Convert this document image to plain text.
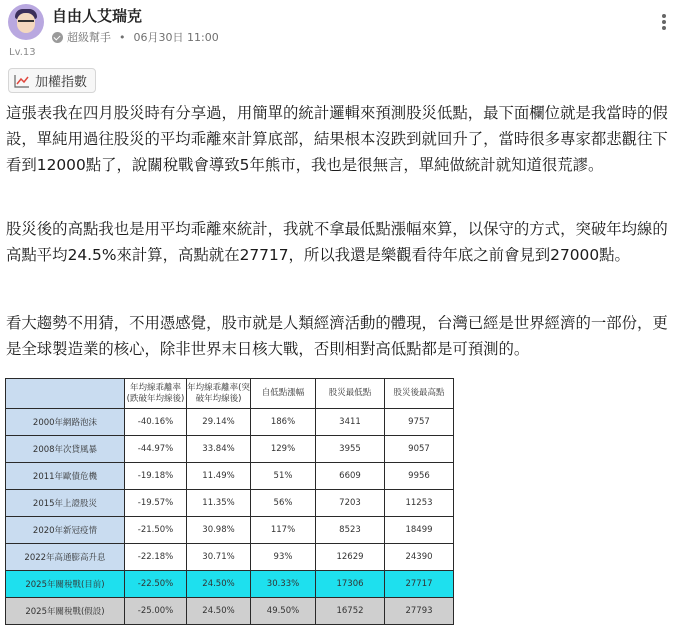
Lv.13
自由人艾瑞克
超級幫手 • 06月30日 11:00
加權指數

這張表我在四月股災時有分享過，用簡單的統計邏輯來預測股災低點，最下面欄位就是我當時的假設，單純用過往股災的平均乖離來計算底部，結果根本沒跌到就回升了，當時很多專家都悲觀往下看到12000點了，說關稅戰會導致5年熊市，我也是很無言，單純做統計就知道很荒謬。

股災後的高點我也是用平均乖離來統計，我就不拿最低點漲幅來算，以保守的方式，突破年均線的高點平均24.5%來計算，高點就在27717，所以我還是樂觀看待年底之前會見到27000點。

看大趨勢不用猜，不用憑感覺，股市就是人類經濟活動的體現，台灣已經是世界經濟的一部份，更是全球製造業的核心，除非世界末日核大戰，否則相對高低點都是可預測的。

	年均線乖離率(跌破年均線後)	年均線乖離率(突破年均線後)	自低點漲幅	股災最低點	股災後最高點
2000年網路泡沫	-40.16%	29.14%	186%	3411	9757
2008年次貸風暴	-44.97%	33.84%	129%	3955	9057
2011年歐債危機	-19.18%	11.49%	51%	6609	9956
2015年上證股災	-19.57%	11.35%	56%	7203	11253
2020年新冠疫情	-21.50%	30.98%	117%	8523	18499
2022年高通膨高升息	-22.18%	30.71%	93%	12629	24390
2025年關稅戰(目前)	-22.50%	24.50%	30.33%	17306	27717
2025年關稅戰(假設)	-25.00%	24.50%	49.50%	16752	27793
